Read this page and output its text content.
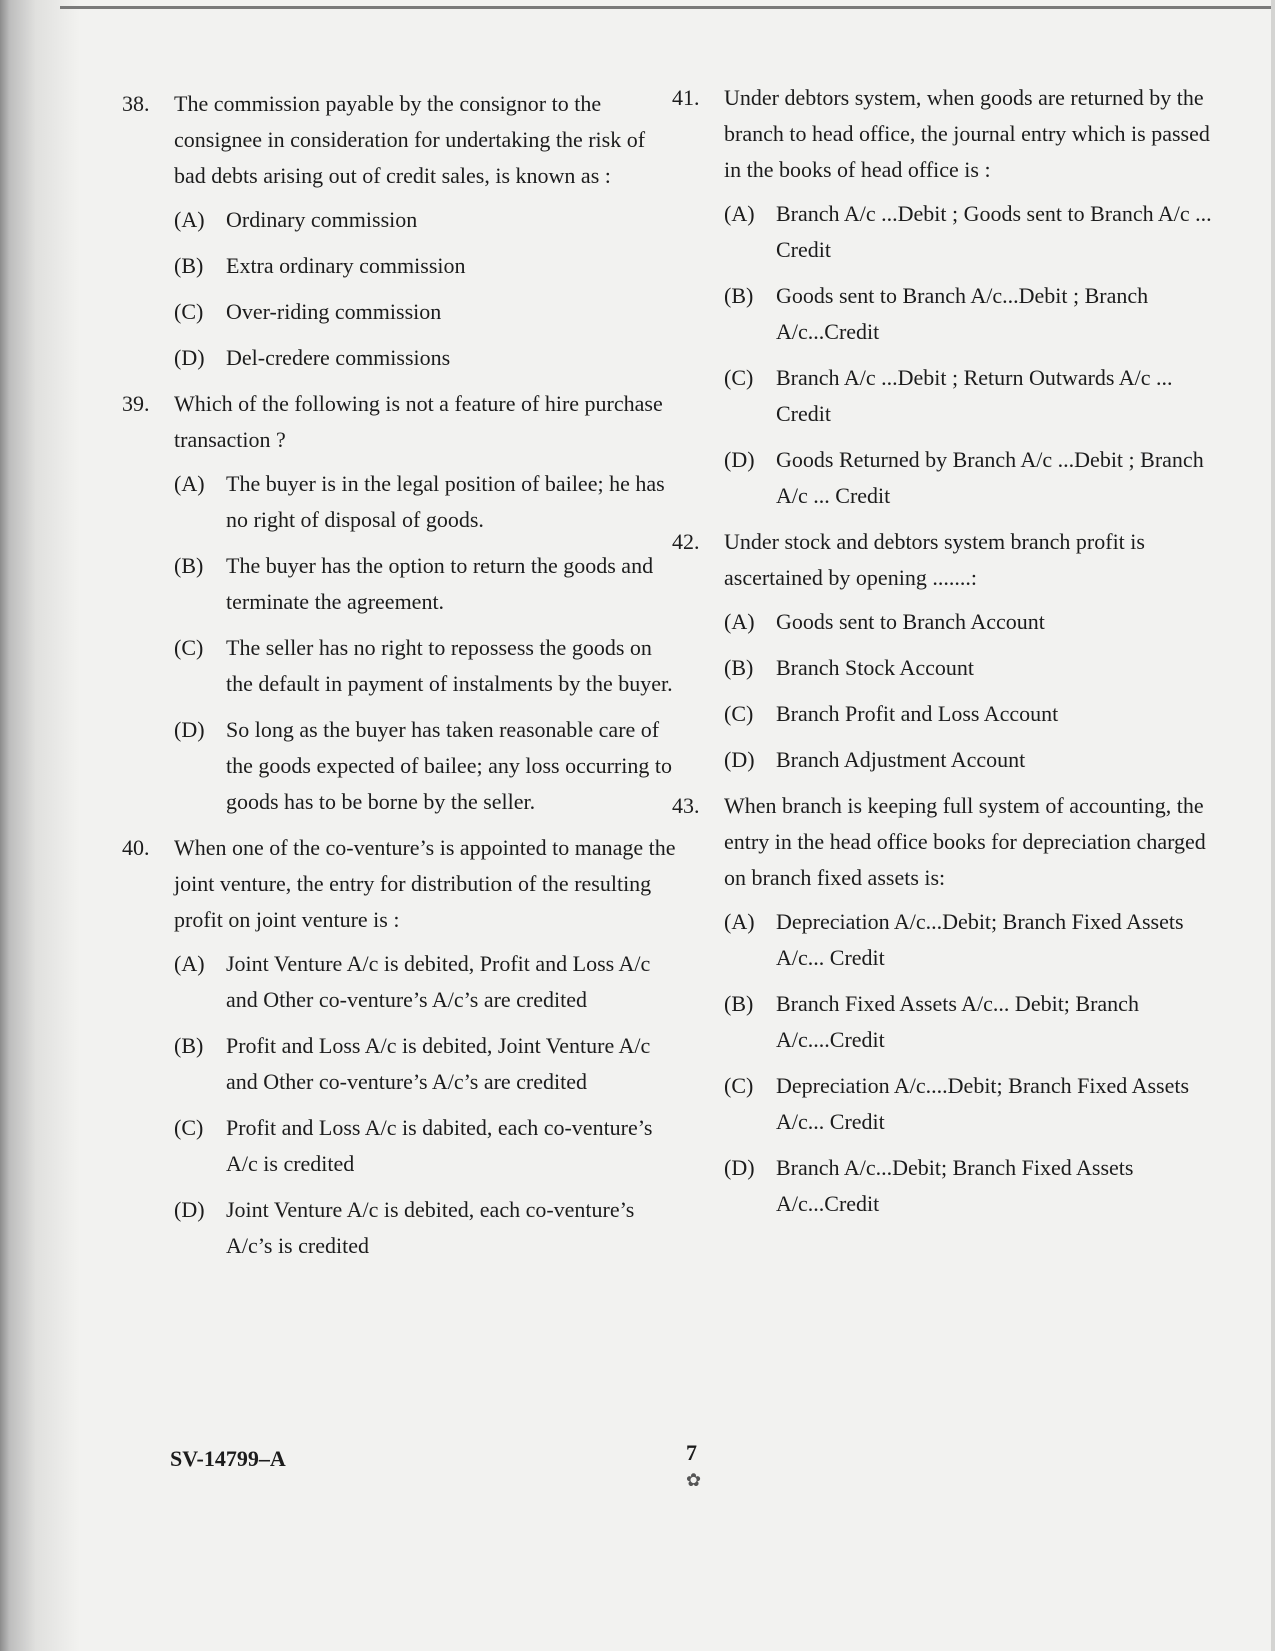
38. The commission payable by the consignor to the consignee in consideration for undertaking the risk of bad debts arising out of credit sales, is known as :
(A) Ordinary commission
(B) Extra ordinary commission
(C) Over-riding commission
(D) Del-credere commissions
39. Which of the following is not a feature of hire purchase transaction ?
(A) The buyer is in the legal position of bailee; he has no right of disposal of goods.
(B) The buyer has the option to return the goods and terminate the agreement.
(C) The seller has no right to repossess the goods on the default in payment of instalments by the buyer.
(D) So long as the buyer has taken reasonable care of the goods expected of bailee; any loss occurring to goods has to be borne by the seller.
40. When one of the co-venture’s is appointed to manage the joint venture, the entry for distribution of the resulting profit on joint venture is :
(A) Joint Venture A/c is debited, Profit and Loss A/c and Other co-venture’s A/c’s are credited
(B) Profit and Loss A/c is debited, Joint Venture A/c and Other co-venture’s A/c’s are credited
(C) Profit and Loss A/c is dabited, each co-venture’s A/c is credited
(D) Joint Venture A/c is debited, each co-venture’s A/c’s is credited
41. Under debtors system, when goods are returned by the branch to head office, the journal entry which is passed in the books of head office is :
(A) Branch A/c ...Debit ; Goods sent to Branch A/c ... Credit
(B) Goods sent to Branch A/c...Debit ; Branch A/c...Credit
(C) Branch A/c ...Debit ; Return Outwards A/c ... Credit
(D) Goods Returned by Branch A/c ...Debit ; Branch A/c ... Credit
42. Under stock and debtors system branch profit is ascertained by opening .......:
(A) Goods sent to Branch Account
(B) Branch Stock Account
(C) Branch Profit and Loss Account
(D) Branch Adjustment Account
43. When branch is keeping full system of accounting, the entry in the head office books for depreciation charged on branch fixed assets is:
(A) Depreciation A/c...Debit; Branch Fixed Assets A/c... Credit
(B) Branch Fixed Assets A/c... Debit; Branch A/c....Credit
(C) Depreciation A/c....Debit; Branch Fixed Assets A/c... Credit
(D) Branch A/c...Debit; Branch Fixed Assets A/c...Credit
SV-14799–A	7
✿
